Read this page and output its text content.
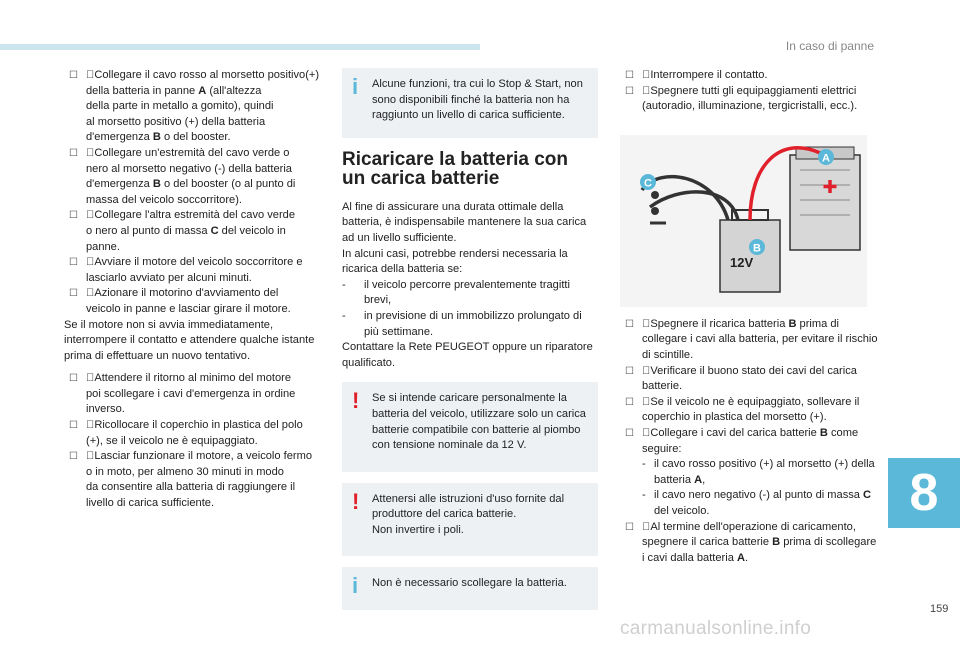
In caso di panne
☐ Collegare il cavo rosso al morsetto positivo(+) della batteria in panne A (all'altezza
della parte in metallo a gomito), quindi
al morsetto positivo (+) della batteria
d'emergenza B o del booster.
☐ Collegare un'estremità del cavo verde o
nero al morsetto negativo (-) della batteria
d'emergenza B o del booster (o al punto di
massa del veicolo soccorritore).
☐ Collegare l'altra estremità del cavo verde
o nero al punto di massa C del veicolo in
panne.
☐ Avviare il motore del veicolo soccorritore e
lasciarlo avviato per alcuni minuti.
☐ Azionare il motorino d'avviamento del
veicolo in panne e lasciar girare il motore.
Se il motore non si avvia immediatamente, interrompere il contatto e attendere qualche istante prima di effettuare un nuovo tentativo.
☐ Attendere il ritorno al minimo del motore
poi scollegare i cavi d'emergenza in ordine
inverso.
☐ Ricollocare il coperchio in plastica del polo
(+), se il veicolo ne è equipaggiato.
☐ Lasciar funzionare il motore, a veicolo fermo
o in moto, per almeno 30 minuti in modo
da consentire alla batteria di raggiungere il
livello di carica sufficiente.
i Alcune funzioni, tra cui lo Stop & Start, non sono disponibili finché la batteria non ha raggiunto un livello di carica sufficiente.
Ricaricare la batteria con
un carica batterie
Al fine di assicurare una durata ottimale della batteria, è indispensabile mantenere la sua carica ad un livello sufficiente.
In alcuni casi, potrebbe rendersi necessaria la ricarica della batteria se:
- il veicolo percorre prevalentemente tragitti brevi,
- in previsione di un immobilizzo prolungato di più settimane.
Contattare la Rete PEUGEOT oppure un riparatore qualificato.
! Se si intende caricare personalmente la batteria del veicolo, utilizzare solo un carica batterie compatibile con batterie al piombo con tensione nominale da 12 V.
! Attenersi alle istruzioni d'uso fornite dal produttore del carica batterie.
Non invertire i poli.
i Non è necessario scollegare la batteria.
☐ Interrompere il contatto.
☐ Spegnere tutti gli equipaggiamenti elettrici (autoradio, illuminazione, tergicristalli, ecc.).
12V
A
B
C
☐ Spegnere il ricarica batteria B prima di collegare i cavi alla batteria, per evitare il rischio di scintille.
☐ Verificare il buono stato dei cavi del carica batterie.
☐ Se il veicolo ne è equipaggiato, sollevare il coperchio in plastica del morsetto (+).
☐ Collegare i cavi del carica batterie B come seguire:
- il cavo rosso positivo (+) al morsetto (+) della batteria A,
- il cavo nero negativo (-) al punto di massa C del veicolo.
☐ Al termine dell'operazione di caricamento, spegnere il carica batterie B prima di scollegare i cavi dalla batteria A.
8
159
carmanualsonline.info
